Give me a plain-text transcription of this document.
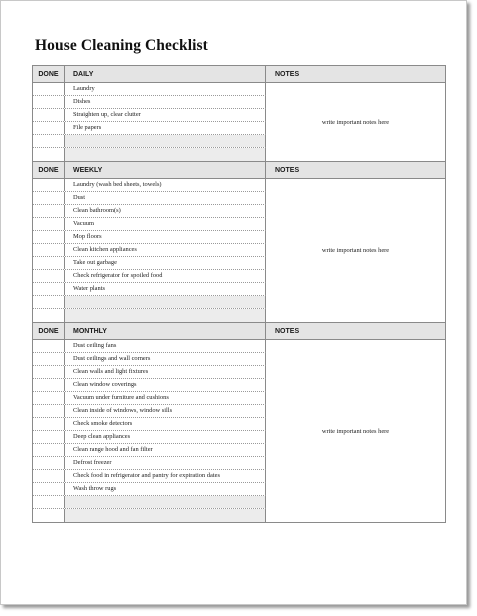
House Cleaning Checklist
DONE	DAILY	NOTES
Laundry
Dishes
Straighten up, clear clutter
File papers
write important notes here
DONE	WEEKLY	NOTES
Laundry (wash bed sheets, towels)
Dust
Clean bathroom(s)
Vacuum
Mop floors
Clean kitchen appliances
Take out garbage
Check refrigerator for spoiled food
Water plants
write important notes here
DONE	MONTHLY	NOTES
Dust ceiling fans
Dust ceilings and wall corners
Clean walls and light fixtures
Clean window coverings
Vacuum under furniture and cushions
Clean inside of windows, window sills
Check smoke detectors
Deep clean appliances
Clean range hood and fan filter
Defrost freezer
Check food in refrigerator and pantry for expiration dates
Wash throw rugs
write important notes here
